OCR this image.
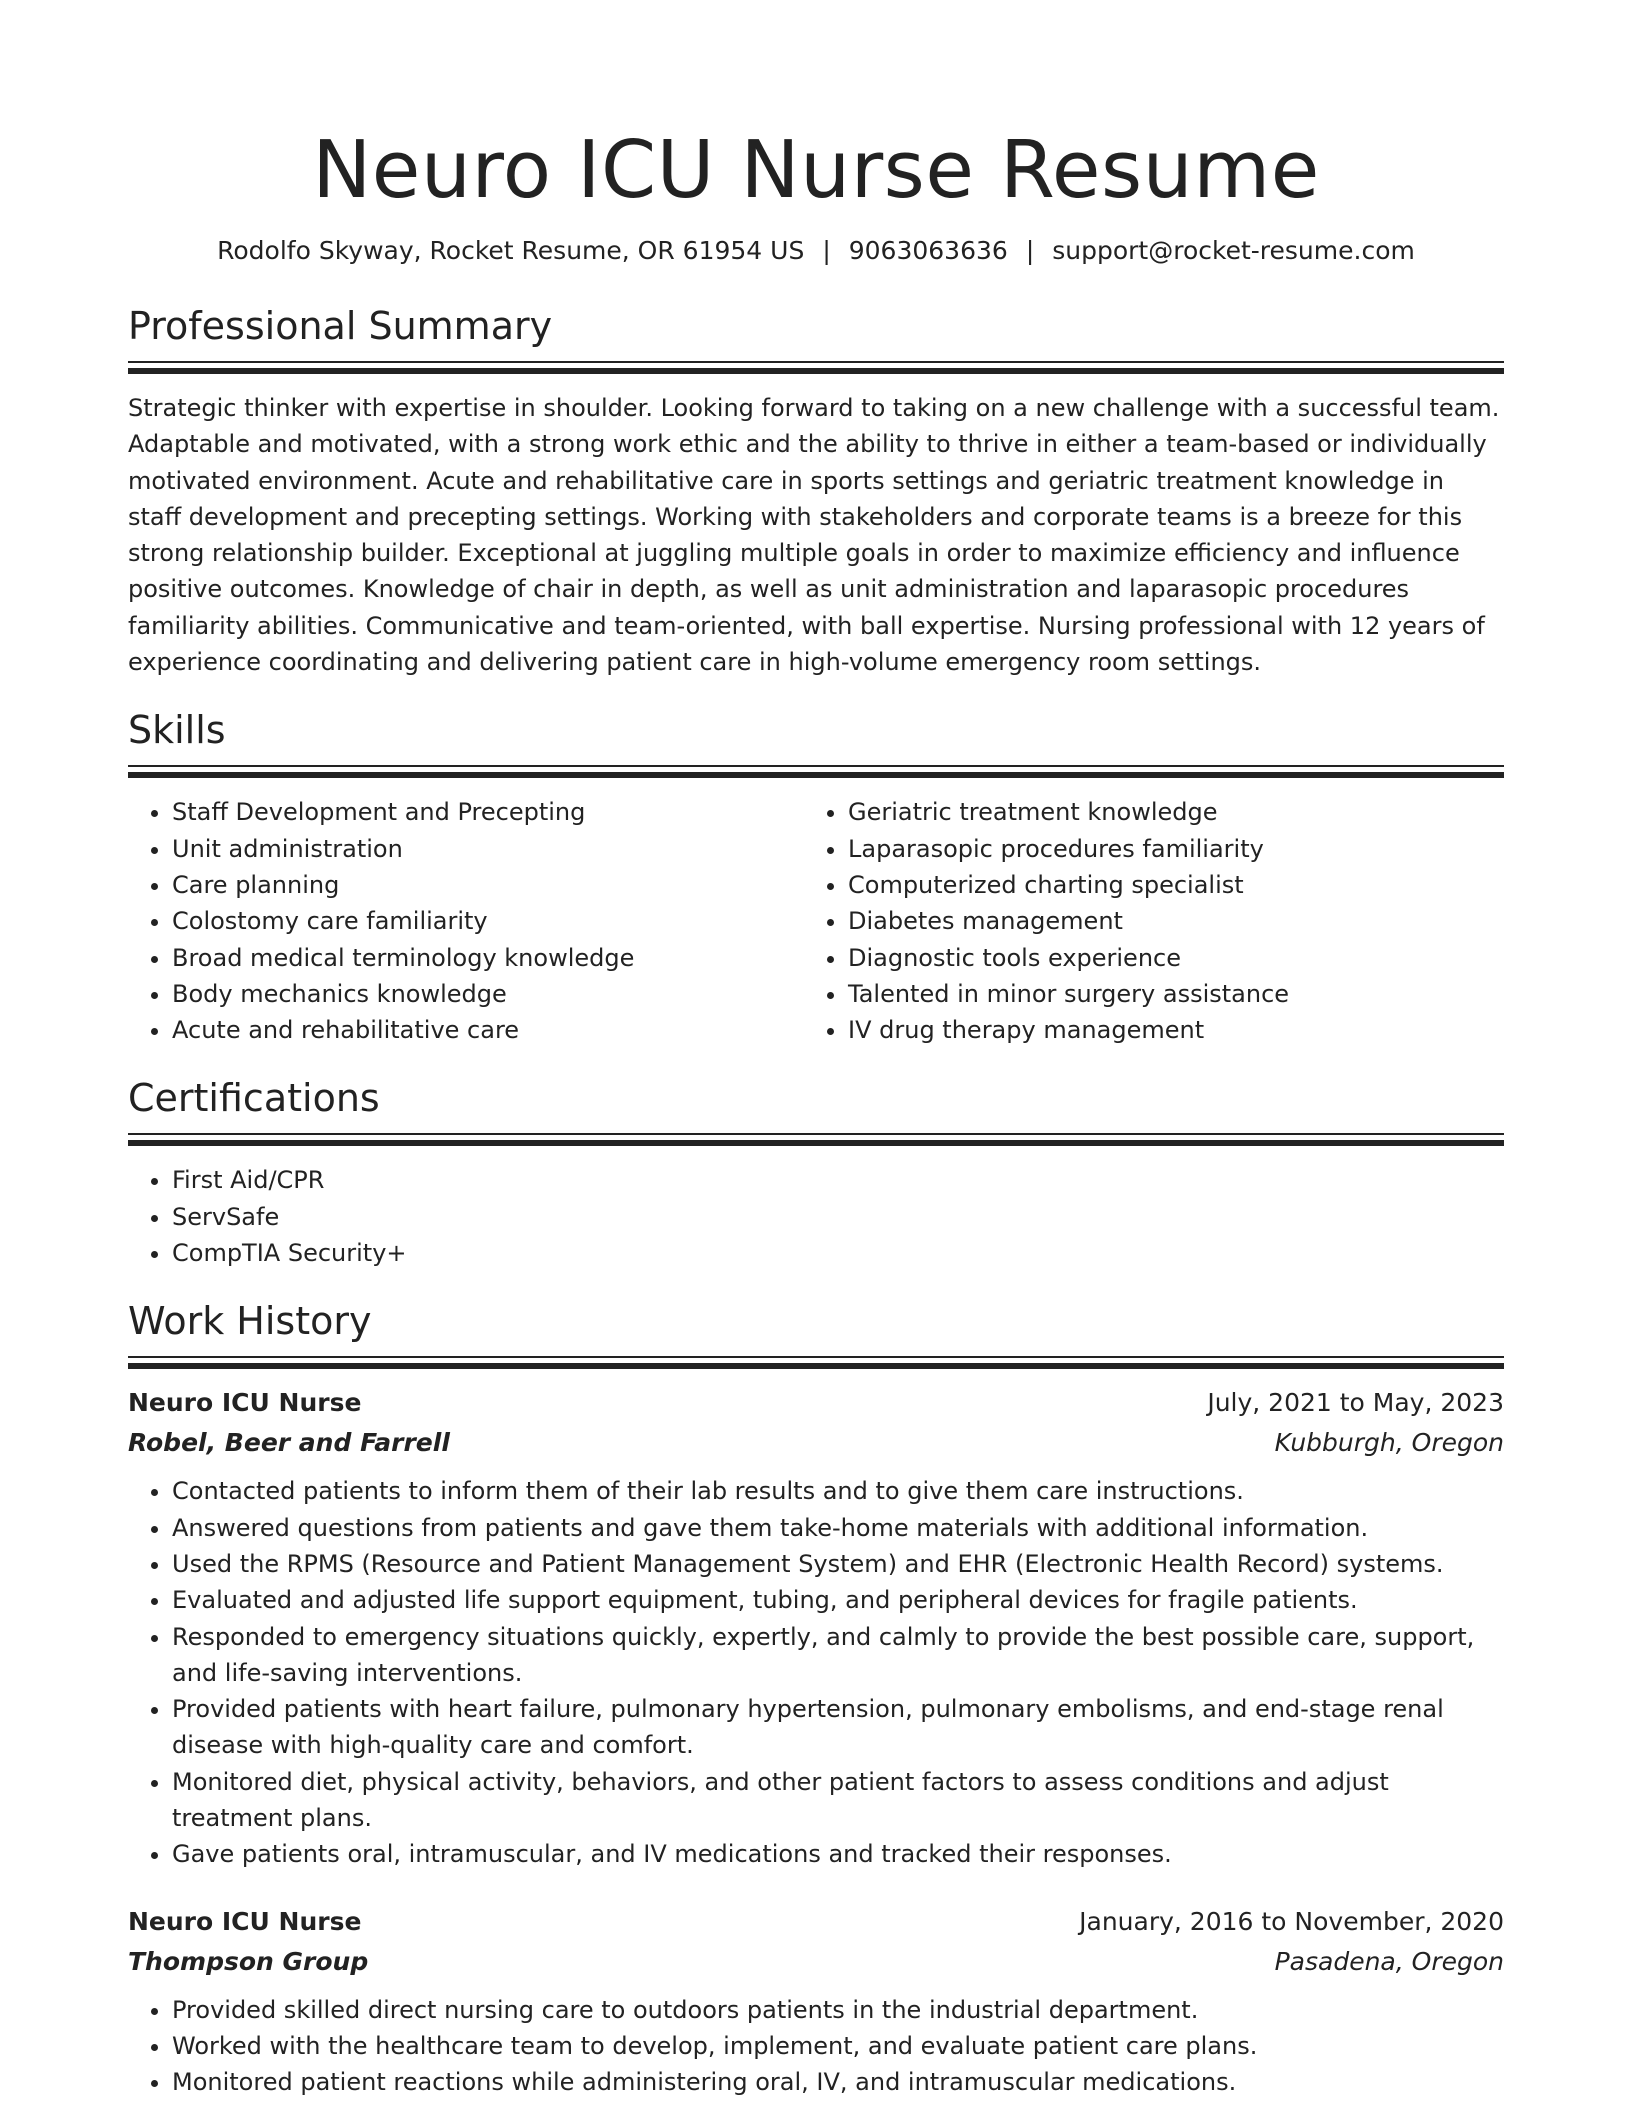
Neuro ICU Nurse Resume
Rodolfo Skyway, Rocket Resume, OR 61954 US | 9063063636 | support@rocket-resume.com
Professional Summary

Strategic thinker with expertise in shoulder. Looking forward to taking on a new challenge with a successful team. Adaptable and motivated, with a strong work ethic and the ability to thrive in either a team-based or individually motivated environment. Acute and rehabilitative care in sports settings and geriatric treatment knowledge in staff development and precepting settings. Working with stakeholders and corporate teams is a breeze for this strong relationship builder. Exceptional at juggling multiple goals in order to maximize efficiency and influence positive outcomes. Knowledge of chair in depth, as well as unit administration and laparasopic procedures familiarity abilities. Communicative and team-oriented, with ball expertise. Nursing professional with 12 years of experience coordinating and delivering patient care in high-volume emergency room settings.

Skills
• Staff Development and Precepting
• Unit administration
• Care planning
• Colostomy care familiarity
• Broad medical terminology knowledge
• Body mechanics knowledge
• Acute and rehabilitative care
• Geriatric treatment knowledge
• Laparasopic procedures familiarity
• Computerized charting specialist
• Diabetes management
• Diagnostic tools experience
• Talented in minor surgery assistance
• IV drug therapy management
Certifications
• First Aid/CPR
• ServSafe
• CompTIA Security+
Work History
Neuro ICU Nurse	July, 2021 to May, 2023
Robel, Beer and Farrell	Kubburgh, Oregon
• Contacted patients to inform them of their lab results and to give them care instructions.
• Answered questions from patients and gave them take-home materials with additional information.
• Used the RPMS (Resource and Patient Management System) and EHR (Electronic Health Record) systems.
• Evaluated and adjusted life support equipment, tubing, and peripheral devices for fragile patients.
• Responded to emergency situations quickly, expertly, and calmly to provide the best possible care, support, and life-saving interventions.
• Provided patients with heart failure, pulmonary hypertension, pulmonary embolisms, and end-stage renal disease with high-quality care and comfort.
• Monitored diet, physical activity, behaviors, and other patient factors to assess conditions and adjust treatment plans.
• Gave patients oral, intramuscular, and IV medications and tracked their responses.
Neuro ICU Nurse	January, 2016 to November, 2020
Thompson Group	Pasadena, Oregon
• Provided skilled direct nursing care to outdoors patients in the industrial department.
• Worked with the healthcare team to develop, implement, and evaluate patient care plans.
• Monitored patient reactions while administering oral, IV, and intramuscular medications.
